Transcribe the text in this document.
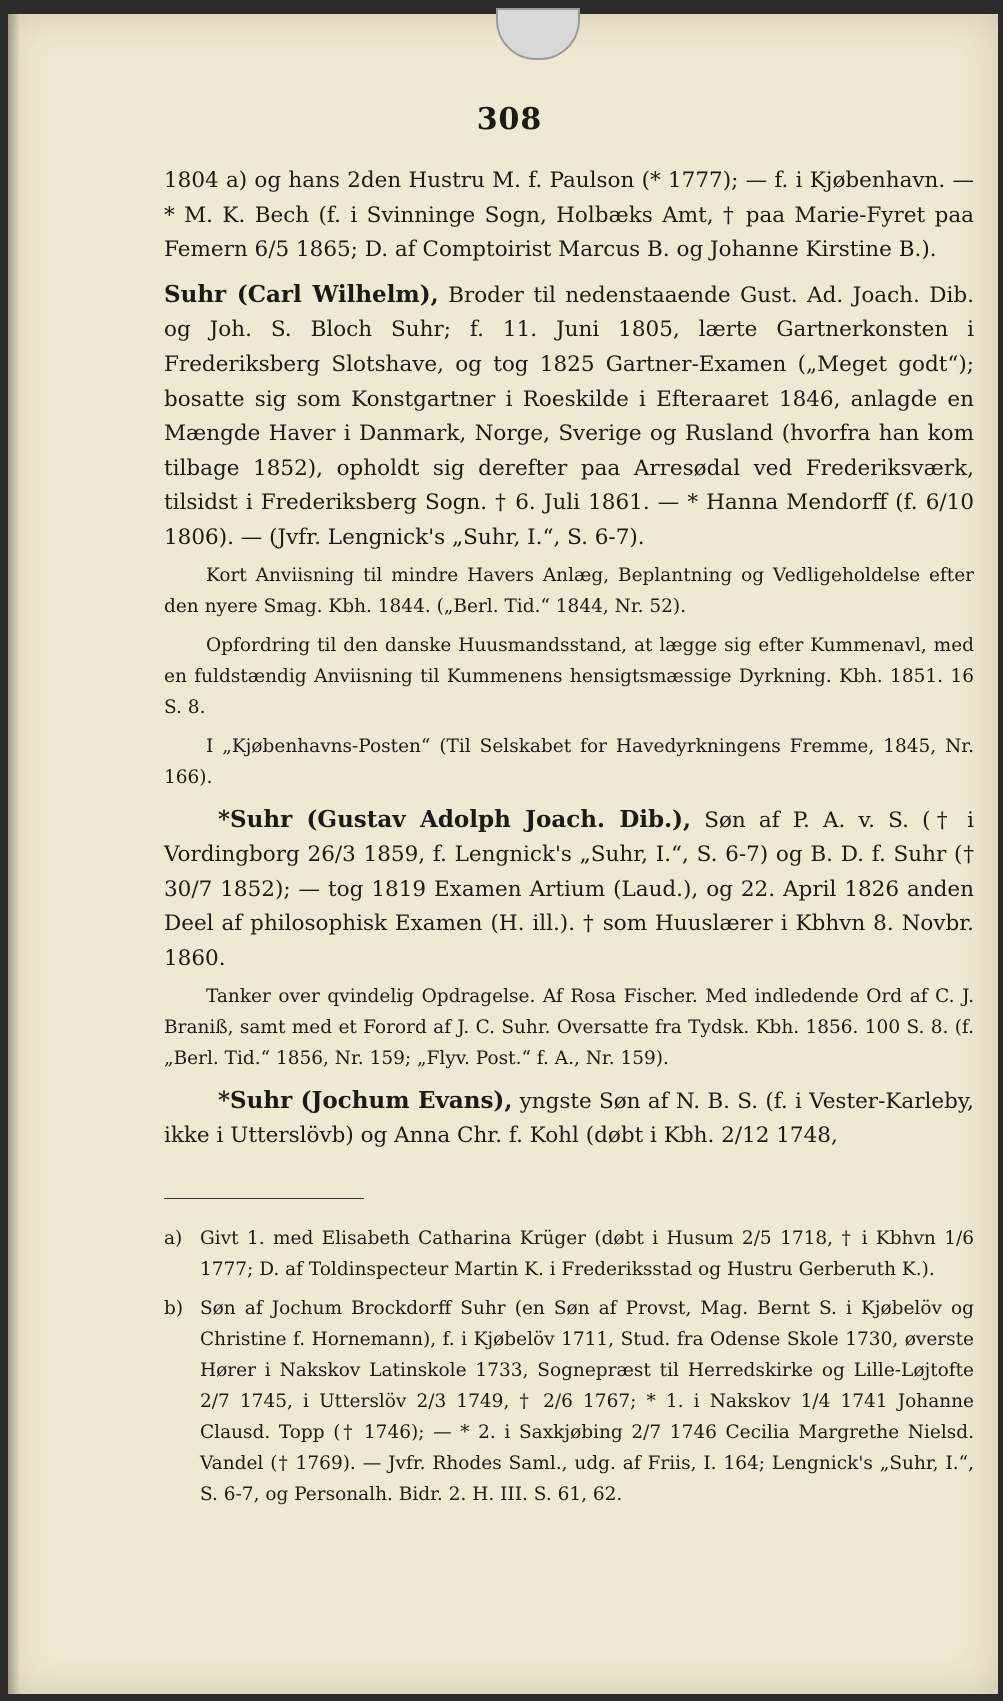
308

1804 a) og hans 2den Hustru M. f. Paulson (* 1777); — f. i Kjøbenhavn. — * M. K. Bech (f. i Svinninge Sogn, Holbæks Amt, † paa Marie-Fyret paa Femern 6/5 1865; D. af Comptoirist Marcus B. og Johanne Kirstine B.).

Suhr (Carl Wilhelm), Broder til nedenstaaende Gust. Ad. Joach. Dib. og Joh. S. Bloch Suhr; f. 11. Juni 1805, lærte Gartnerkonsten i Frederiksberg Slotshave, og tog 1825 Gartner-Examen („Meget godt“); bosatte sig som Konstgartner i Roeskilde i Efteraaret 1846, anlagde en Mængde Haver i Danmark, Norge, Sverige og Rusland (hvorfra han kom tilbage 1852), opholdt sig derefter paa Arresødal ved Frederiksværk, tilsidst i Frederiksberg Sogn. † 6. Juli 1861. — * Hanna Mendorff (f. 6/10 1806). — (Jvfr. Lengnick's „Suhr, I.“, S. 6-7).

Kort Anviisning til mindre Havers Anlæg, Beplantning og Vedligeholdelse efter den nyere Smag. Kbh. 1844. („Berl. Tid.“ 1844, Nr. 52).

Opfordring til den danske Huusmandsstand, at lægge sig efter Kummenavl, med en fuldstændig Anviisning til Kummenens hensigtsmæssige Dyrkning. Kbh. 1851. 16 S. 8.

I „Kjøbenhavns-Posten“ (Til Selskabet for Havedyrkningens Fremme, 1845, Nr. 166).

*Suhr (Gustav Adolph Joach. Dib.), Søn af P. A. v. S. († i Vordingborg 26/3 1859, f. Lengnick's „Suhr, I.“, S. 6-7) og B. D. f. Suhr († 30/7 1852); — tog 1819 Examen Artium (Laud.), og 22. April 1826 anden Deel af philosophisk Examen (H. ill.). † som Huuslærer i Kbhvn 8. Novbr. 1860.

Tanker over qvindelig Opdragelse. Af Rosa Fischer. Med indledende Ord af C. J. Braniß, samt med et Forord af J. C. Suhr. Oversatte fra Tydsk. Kbh. 1856. 100 S. 8. (f. „Berl. Tid.“ 1856, Nr. 159; „Flyv. Post.“ f. A., Nr. 159).

*Suhr (Jochum Evans), yngste Søn af N. B. S. (f. i Vester-Karleby, ikke i Utterslövb) og Anna Chr. f. Kohl (døbt i Kbh. 2/12 1748,

a) Givt 1. med Elisabeth Catharina Krüger (døbt i Husum 2/5 1718, † i Kbhvn 1/6 1777; D. af Toldinspecteur Martin K. i Frederiksstad og Hustru Gerberuth K.).
b) Søn af Jochum Brockdorff Suhr (en Søn af Provst, Mag. Bernt S. i Kjøbelöv og Christine f. Hornemann), f. i Kjøbelöv 1711, Stud. fra Odense Skole 1730, øverste Hører i Nakskov Latinskole 1733, Sognepræst til Herredskirke og Lille-Løjtofte 2/7 1745, i Utterslöv 2/3 1749, † 2/6 1767; * 1. i Nakskov 1/4 1741 Johanne Clausd. Topp († 1746); — * 2. i Saxkjøbing 2/7 1746 Cecilia Margrethe Nielsd. Vandel († 1769). — Jvfr. Rhodes Saml., udg. af Friis, I. 164; Lengnick's „Suhr, I.“, S. 6-7, og Personalh. Bidr. 2. H. III. S. 61, 62.
